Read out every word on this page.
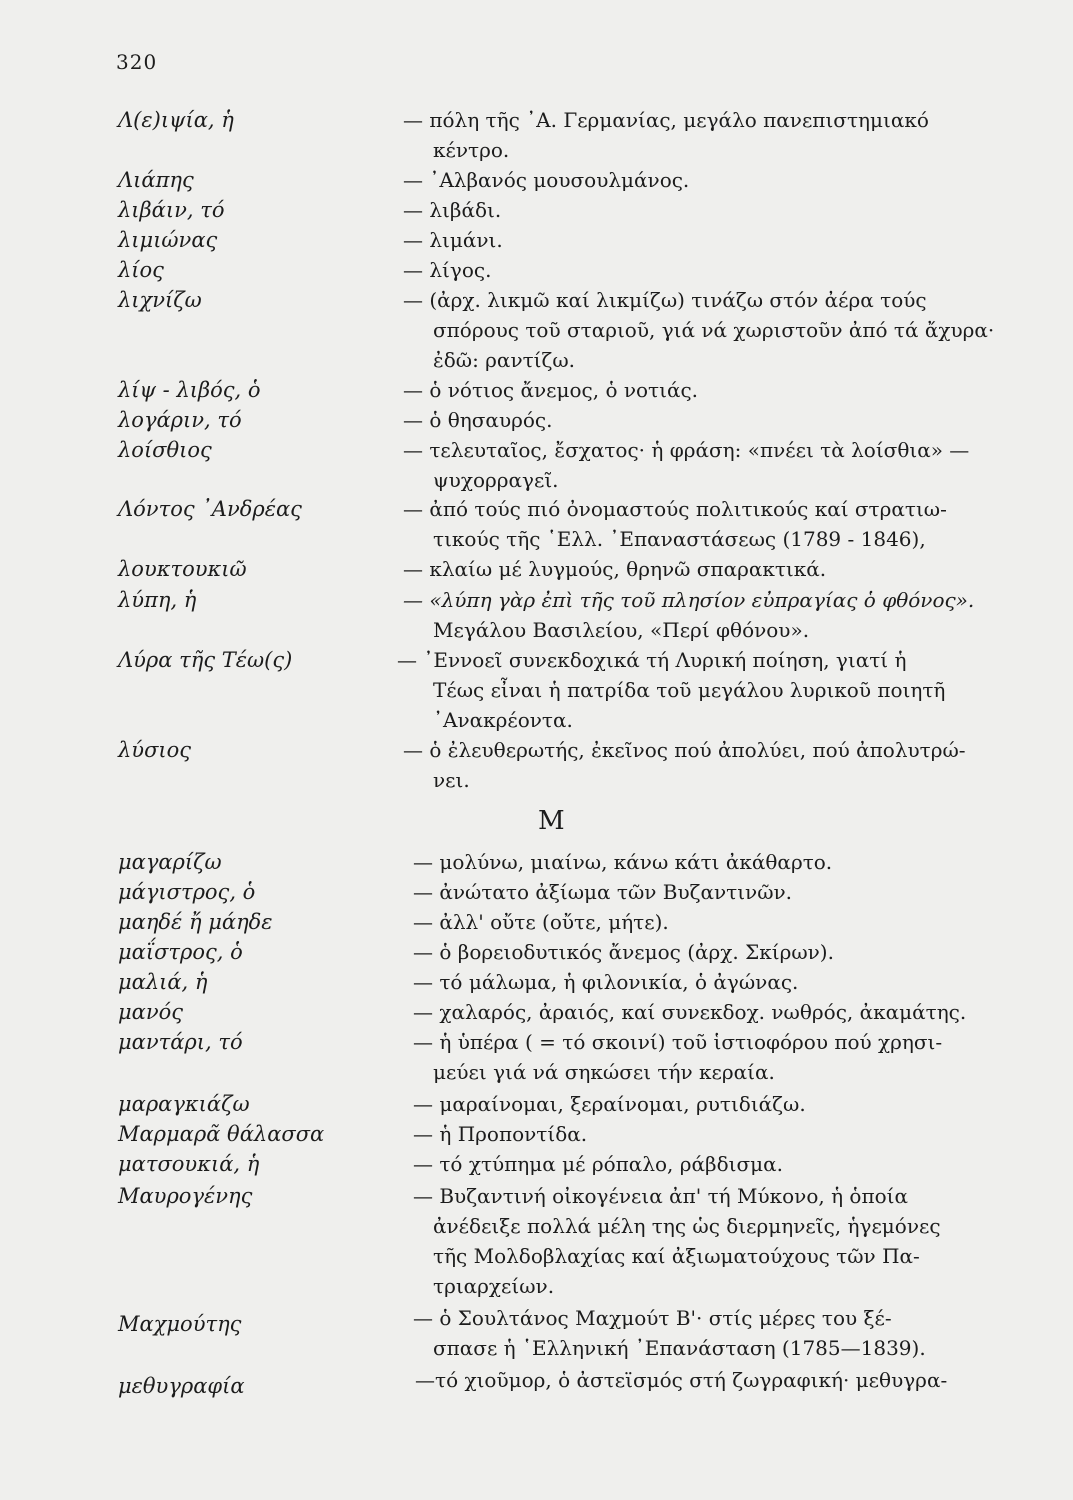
320
Λ(ε)ιψία, ἡ	— πόλη τῆς ᾿Α. Γερμανίας, μεγάλο πανεπιστημιακό
κέντρο.
Λιάπης	— ᾿Αλβανός μουσουλμάνος.
λιβάιν, τό	— λιβάδι.
λιμιώνας	— λιμάνι.
λίος	— λίγος.
λιχνίζω	— (ἀρχ. λικμῶ καί λικμίζω) τινάζω στόν ἀέρα τούς
σπόρους τοῦ σταριοῦ, γιά νά χωριστοῦν ἀπό τά ἄχυρα·
ἐδῶ: ραντίζω.
λίψ - λιβός, ὁ	— ὁ νότιος ἄνεμος, ὁ νοτιάς.
λογάριν, τό	— ὁ θησαυρός.
λοίσθιος	— τελευταῖος, ἔσχατος· ἡ φράση: «πνέει τὰ λοίσθια» —
ψυχορραγεῖ.
Λόντος ᾿Ανδρέας	— ἀπό τούς πιό ὀνομαστούς πολιτικούς καί στρατιω-
τικούς τῆς ῾Ελλ. ᾿Επαναστάσεως (1789 - 1846),
λουκτουκιῶ	— κλαίω μέ λυγμούς, θρηνῶ σπαρακτικά.
λύπη, ἡ	— «λύπη γὰρ ἐπὶ τῆς τοῦ πλησίον εὐπραγίας ὁ φθόνος».
Μεγάλου Βασιλείου, «Περί φθόνου».
Λύρα τῆς Τέω(ς)	— ᾿Εννοεῖ συνεκδοχικά τή Λυρική ποίηση, γιατί ἡ
Τέως εἶναι ἡ πατρίδα τοῦ μεγάλου λυρικοῦ ποιητῆ
᾿Ανακρέοντα.
λύσιος	— ὁ ἐλευθερωτής, ἐκεῖνος πού ἀπολύει, πού ἀπολυτρώ-
νει.
Μ
μαγαρίζω	— μολύνω, μιαίνω, κάνω κάτι ἀκάθαρτο.
μάγιστρος, ὁ	— ἀνώτατο ἀξίωμα τῶν Βυζαντινῶν.
μαηδέ ἤ μάηδε	— ἀλλ' οὔτε (οὔτε, μήτε).
μαΐστρος, ὁ	— ὁ βορειοδυτικός ἄνεμος (ἀρχ. Σκίρων).
μαλιά, ἡ	— τό μάλωμα, ἡ φιλονικία, ὁ ἀγώνας.
μανός	— χαλαρός, ἀραιός, καί συνεκδοχ. νωθρός, ἀκαμάτης.
μαντάρι, τό	— ἡ ὑπέρα ( = τό σκοινί) τοῦ ἱστιοφόρου πού χρησι-
μεύει γιά νά σηκώσει τήν κεραία.
μαραγκιάζω	— μαραίνομαι, ξεραίνομαι, ρυτιδιάζω.
Μαρμαρᾶ θάλασσα	— ἡ Προποντίδα.
ματσουκιά, ἡ	— τό χτύπημα μέ ρόπαλο, ράβδισμα.
Μαυρογένης	— Βυζαντινή οἰκογένεια ἀπ' τή Μύκονο, ἡ ὁποία
ἀνέδειξε πολλά μέλη της ὡς διερμηνεῖς, ἡγεμόνες
τῆς Μολδοβλαχίας καί ἀξιωματούχους τῶν Πα-
τριαρχείων.
Μαχμούτης	— ὁ Σουλτάνος Μαχμούτ Β'· στίς μέρες του ξέ-
σπασε ἡ ῾Ελληνική ᾿Επανάσταση (1785—1839).
μεθυγραφία	—τό χιοῦμορ, ὁ ἀστεϊσμός στή ζωγραφική· μεθυγρα-
